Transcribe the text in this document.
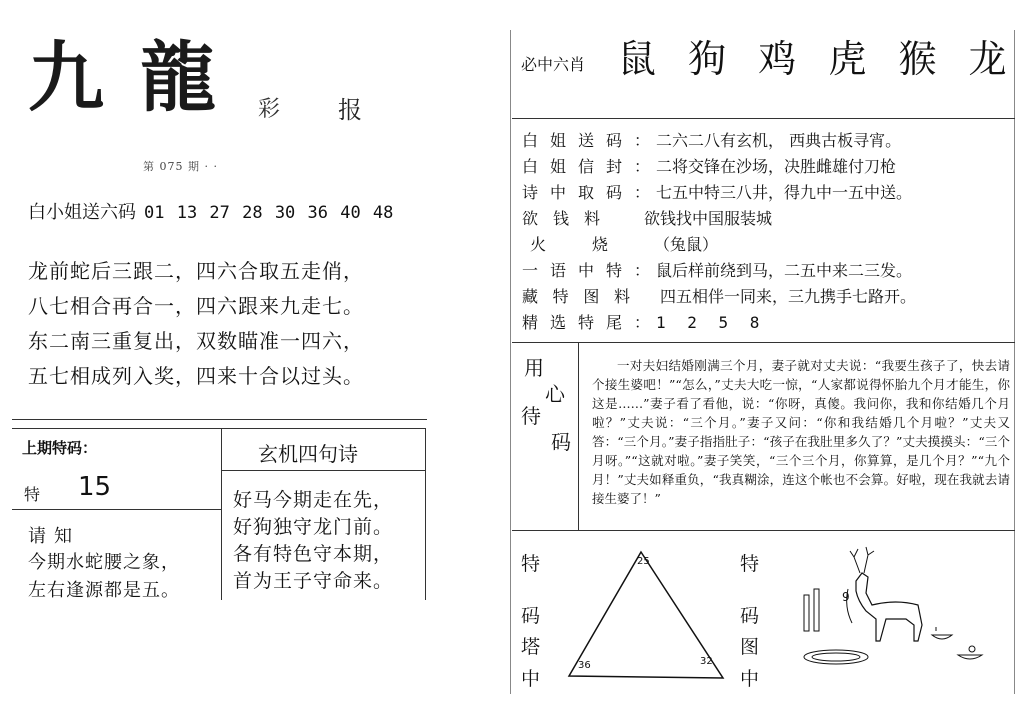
九 龍 彩 报
第 075 期 · ·
白小姐送六码 01 13 27 28 30 36 40 48
龙前蛇后三跟二，四六合取五走俏，
八七相合再合一，四六跟来九走七。
东二南三重复出，双数瞄准一四六，
五七相成列入奖，四来十合以过头。
上期特码：
特 15
请知
今期水蛇腰之象，
左右逢源都是五。
玄机四句诗
好马今期走在先，
好狗独守龙门前。
各有特色守本期，
首为王子守命来。
必中六肖 鼠 狗 鸡 虎 猴 龙
白姐送码： 二六二八有玄机， 西典古板寻宵。
白姐信封： 二将交锋在沙场，决胜雌雄付刀枪
诗中取码： 七五中特三八井，得九中一五中送。
欲钱料	欲钱找中国服装城
火烧	（兔鼠）
一语中特： 鼠后样前绕到马，二五中来二三发。
藏特图料 四五相伴一同来，三九携手七路开。
精选特尾： 1 2 5 8
用
心
待
码
一对夫妇结婚刚满三个月，妻子就对丈夫说：“我要生孩子了，快去请个接生婆吧！”“怎么，”丈夫大吃一惊，“人家都说得怀胎九个月才能生，你这是……”妻子看了看他，说：“你呀，真傻。我问你，我和你结婚几个月啦？”丈夫说：“三个月。”妻子又问：“你和我结婚几个月啦？”丈夫又答：“三个月。”妻子指指肚子：“孩子在我肚里多久了？”丈夫摸摸头：“三个月呀。”“这就对啦。”妻子笑笑，“三个三个月，你算算，是几个月？”“九个月！”丈夫如释重负，“我真糊涂，连这个帐也不会算。好啦，现在我就去请接生婆了！”
特
码
塔
中
特
码
图
中
25
36	32
9
